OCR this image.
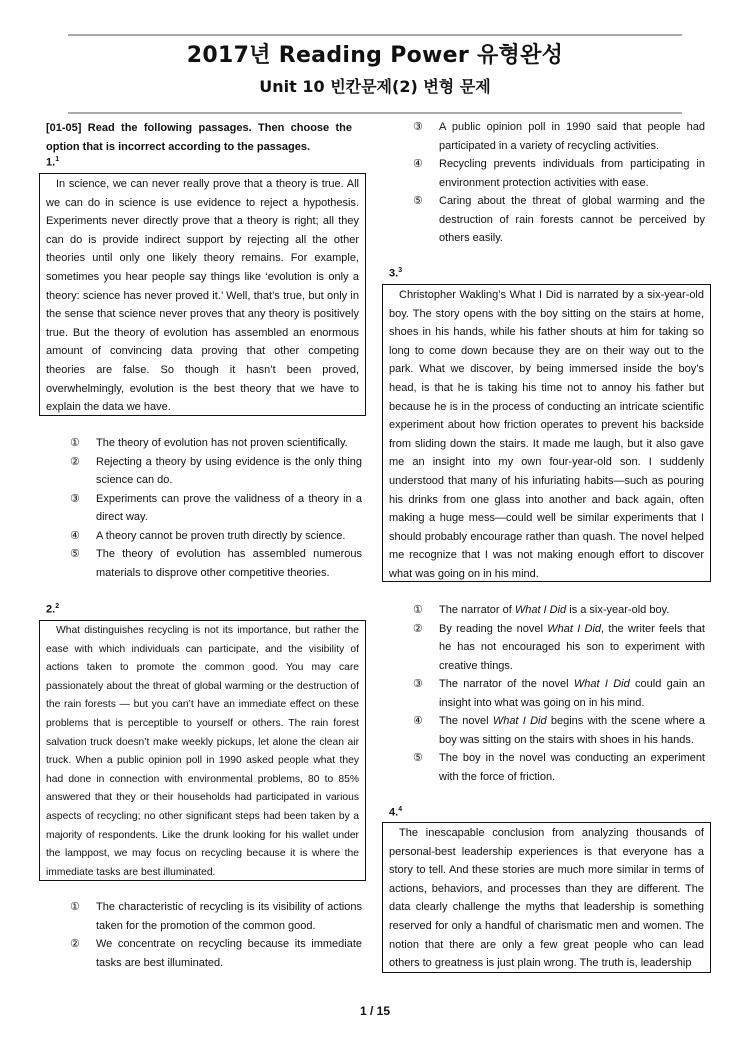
2017년 Reading Power 유형완성
Unit 10 빈칸문제(2) 변형 문제
[01-05] Read the following passages. Then choose the option that is incorrect according to the passages.
1.$^1$

In science, we can never really prove that a theory is true. All we can do in science is use evidence to reject a hypothesis. Experiments never directly prove that a theory is right; all they can do is provide indirect support by rejecting all the other theories until only one likely theory remains. For example, sometimes you hear people say things like ‘evolution is only a theory: science has never proved it.’ Well, that’s true, but only in the sense that science never proves that any theory is positively true. But the theory of evolution has assembled an enormous amount of convincing data proving that other competing theories are false. So though it hasn’t been proved, overwhelmingly, evolution is the best theory that we have to explain the data we have.

① The theory of evolution has not proven scientifically.
② Rejecting a theory by using evidence is the only thing science can do.
③ Experiments can prove the validness of a theory in a direct way.
④ A theory cannot be proven truth directly by science.
⑤ The theory of evolution has assembled numerous materials to disprove other competitive theories.
2.$^2$

What distinguishes recycling is not its importance, but rather the ease with which individuals can participate, and the visibility of actions taken to promote the common good. You may care passionately about the threat of global warming or the destruction of the rain forests — but you can’t have an immediate effect on these problems that is perceptible to yourself or others. The rain forest salvation truck doesn’t make weekly pickups, let alone the clean air truck. When a public opinion poll in 1990 asked people what they had done in connection with environmental problems, 80 to 85% answered that they or their households had participated in various aspects of recycling; no other significant steps had been taken by a majority of respondents. Like the drunk looking for his wallet under the lamppost, we may focus on recycling because it is where the immediate tasks are best illuminated.

① The characteristic of recycling is its visibility of actions taken for the promotion of the common good.
② We concentrate on recycling because its immediate tasks are best illuminated.
③ A public opinion poll in 1990 said that people had participated in a variety of recycling activities.
④ Recycling prevents individuals from participating in environment protection activities with ease.
⑤ Caring about the threat of global warming and the destruction of rain forests cannot be perceived by others easily.
3.$^3$

Christopher Wakling’s What I Did is narrated by a six-year-old boy. The story opens with the boy sitting on the stairs at home, shoes in his hands, while his father shouts at him for taking so long to come down because they are on their way out to the park. What we discover, by being immersed inside the boy’s head, is that he is taking his time not to annoy his father but because he is in the process of conducting an intricate scientific experiment about how friction operates to prevent his backside from sliding down the stairs. It made me laugh, but it also gave me an insight into my own four-year-old son. I suddenly understood that many of his infuriating habits—such as pouring his drinks from one glass into another and back again, often making a huge mess—could well be similar experiments that I should probably encourage rather than quash. The novel helped me recognize that I was not making enough effort to discover what was going on in his mind.

① The narrator of What I Did is a six-year-old boy.
② By reading the novel What I Did, the writer feels that he has not encouraged his son to experiment with creative things.
③ The narrator of the novel What I Did could gain an insight into what was going on in his mind.
④ The novel What I Did begins with the scene where a boy was sitting on the stairs with shoes in his hands.
⑤ The boy in the novel was conducting an experiment with the force of friction.
4.$^4$

The inescapable conclusion from analyzing thousands of personal-best leadership experiences is that everyone has a story to tell. And these stories are much more similar in terms of actions, behaviors, and processes than they are different. The data clearly challenge the myths that leadership is something reserved for only a handful of charismatic men and women. The notion that there are only a few great people who can lead others to greatness is just plain wrong. The truth is, leadership

1 / 15
